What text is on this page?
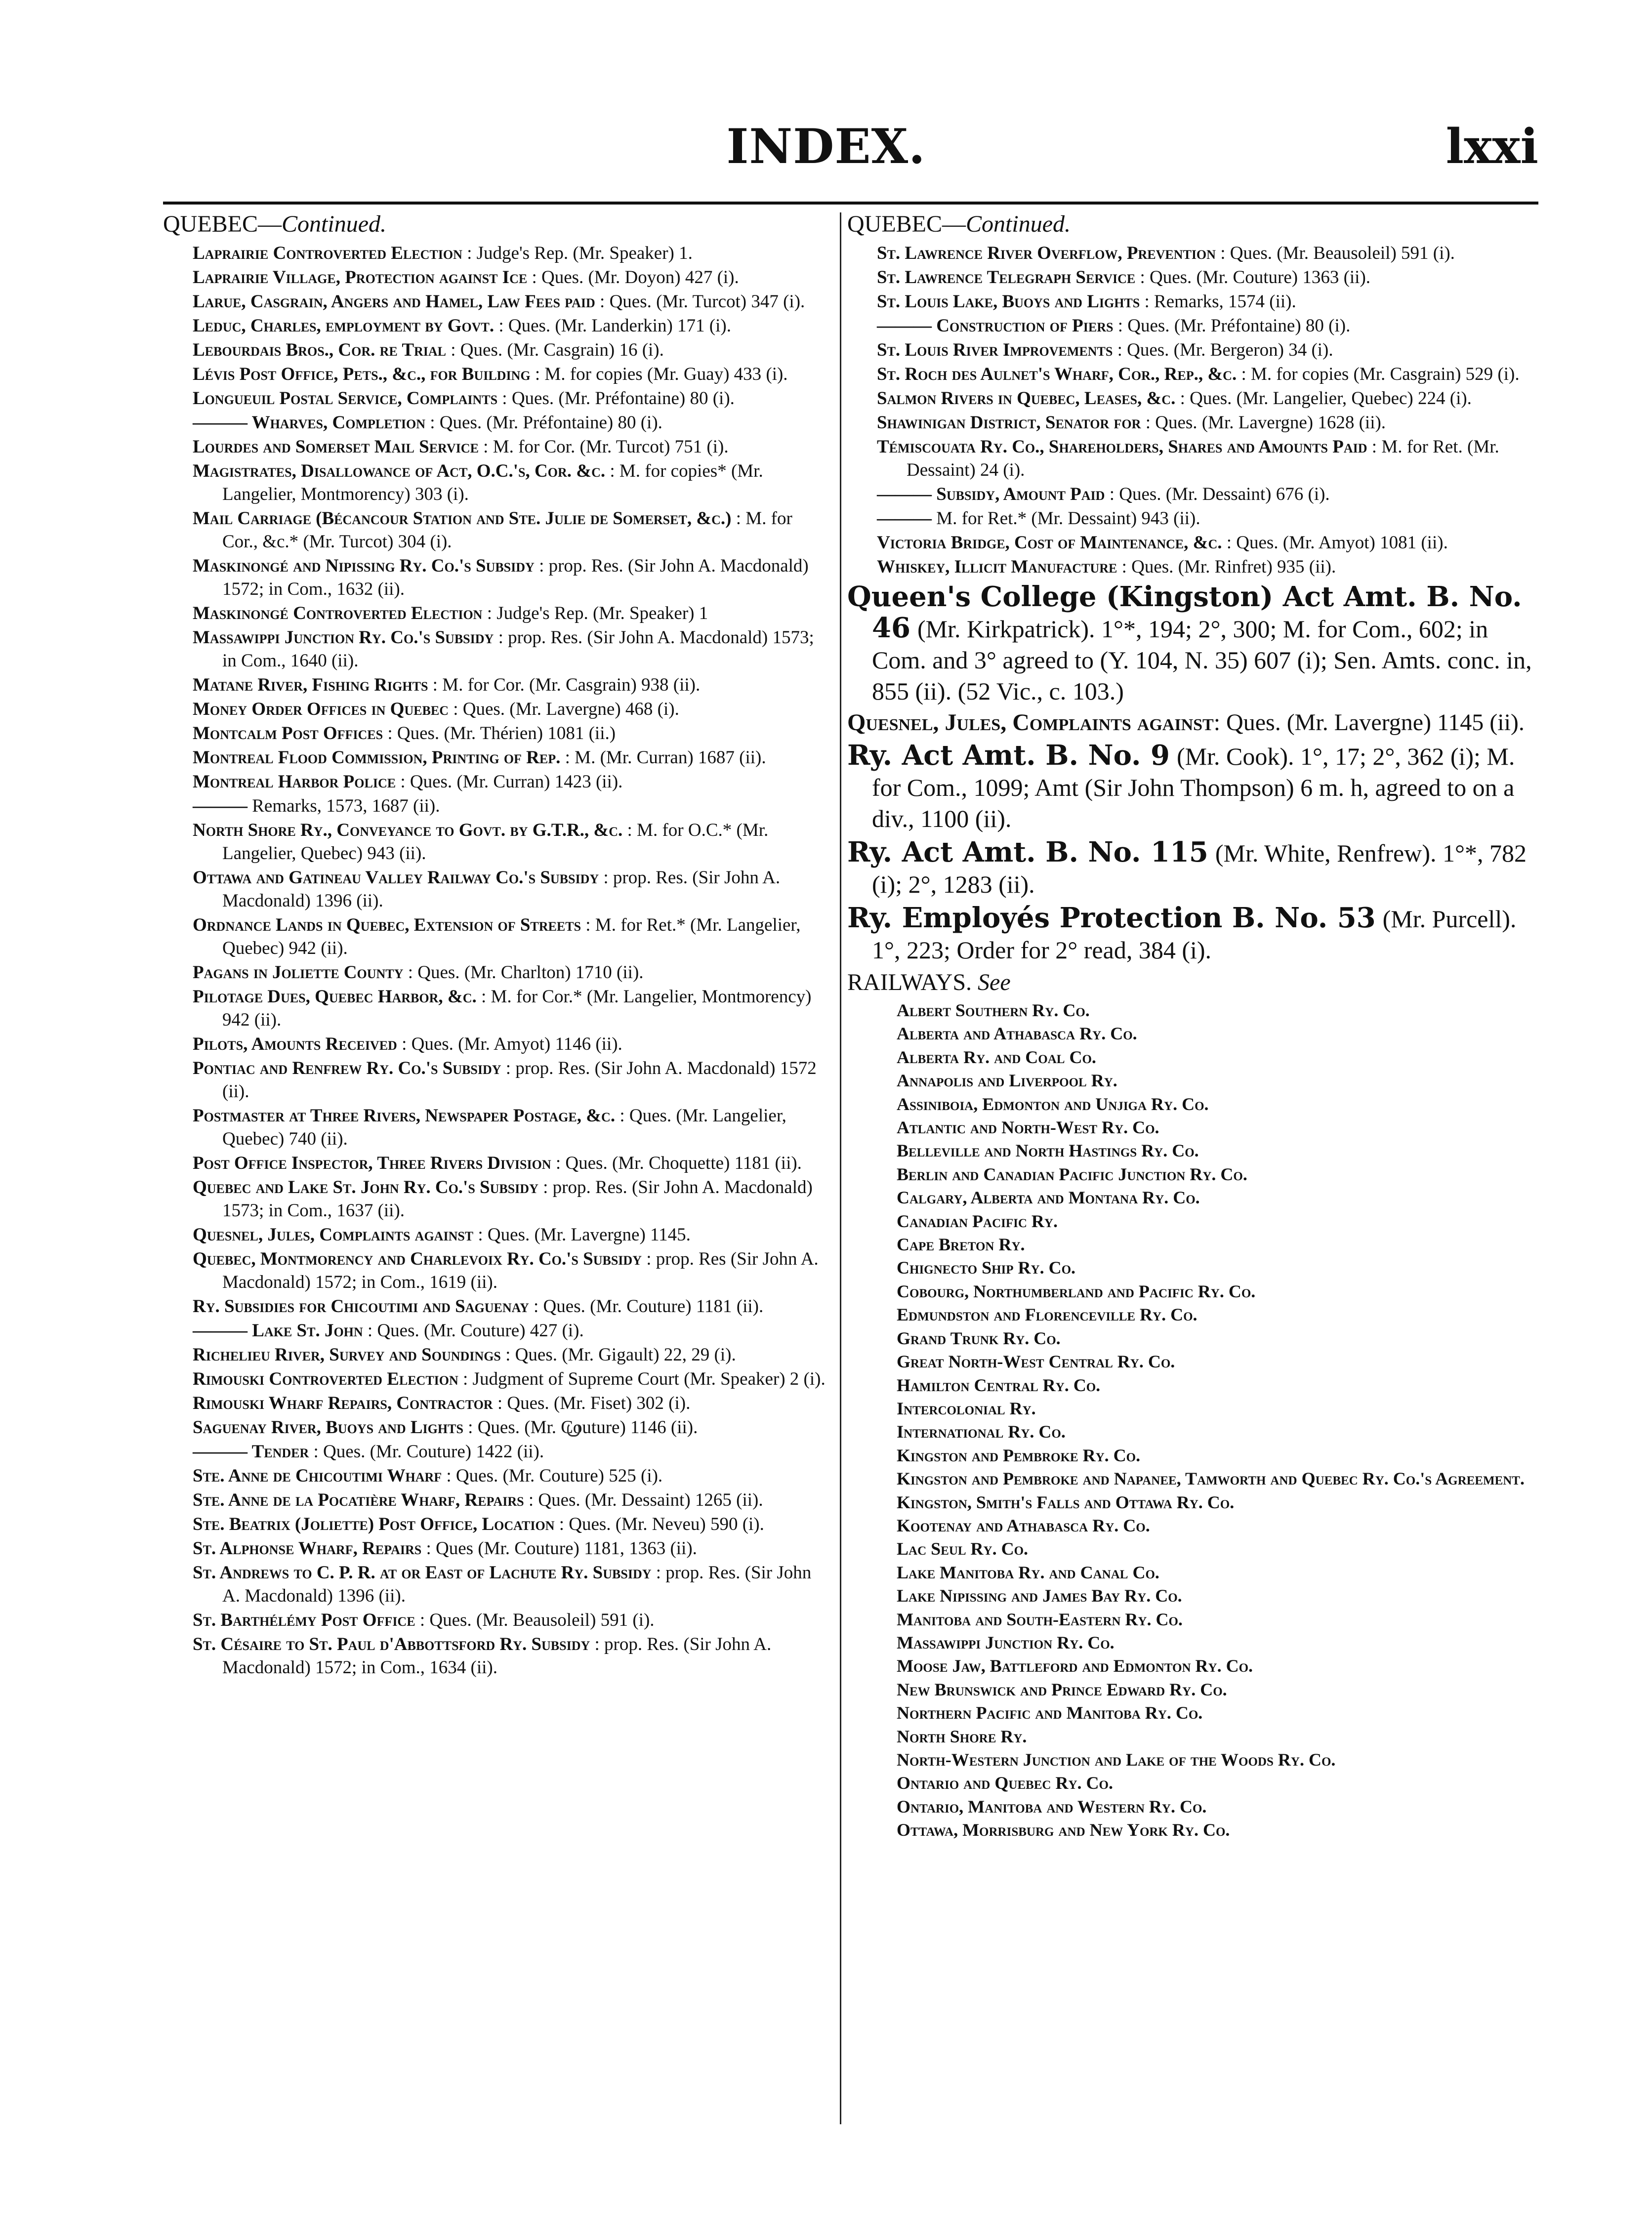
INDEX.	lxxi
QUEBEC—Continued.
Laprairie Controverted Election : Judge's Rep. (Mr. Speaker) 1.
Laprairie Village, Protection against Ice : Ques. (Mr. Doyon) 427 (i).
Larue, Casgrain, Angers and Hamel, Law Fees paid : Ques. (Mr. Turcot) 347 (i).
Leduc, Charles, employment by Govt. : Ques. (Mr. Landerkin) 171 (i).
Lebourdais Bros., Cor. re Trial : Ques. (Mr. Casgrain) 16 (i).
Lévis Post Office, Pets., &c., for Building : M. for copies (Mr. Guay) 433 (i).
Longueuil Postal Service, Complaints : Ques. (Mr. Préfontaine) 80 (i).
——— Wharves, Completion : Ques. (Mr. Préfontaine) 80 (i).
Lourdes and Somerset Mail Service : M. for Cor. (Mr. Turcot) 751 (i).
Magistrates, Disallowance of Act, O.C.'s, Cor. &c. : M. for copies* (Mr. Langelier, Montmorency) 303 (i).
Mail Carriage (Bécancour Station and Ste. Julie de Somerset, &c.) : M. for Cor., &c.* (Mr. Turcot) 304 (i).
Maskinongé and Nipissing Ry. Co.'s Subsidy : prop. Res. (Sir John A. Macdonald) 1572; in Com., 1632 (ii).
Maskinongé Controverted Election : Judge's Rep. (Mr. Speaker) 1
Massawippi Junction Ry. Co.'s Subsidy : prop. Res. (Sir John A. Macdonald) 1573; in Com., 1640 (ii).
Matane River, Fishing Rights : M. for Cor. (Mr. Casgrain) 938 (ii).
Money Order Offices in Quebec : Ques. (Mr. Lavergne) 468 (i).
Montcalm Post Offices : Ques. (Mr. Thérien) 1081 (ii.)
Montreal Flood Commission, Printing of Rep. : M. (Mr. Curran) 1687 (ii).
Montreal Harbor Police : Ques. (Mr. Curran) 1423 (ii).
——— Remarks, 1573, 1687 (ii).
North Shore Ry., Conveyance to Govt. by G.T.R., &c. : M. for O.C.* (Mr. Langelier, Quebec) 943 (ii).
Ottawa and Gatineau Valley Railway Co.'s Subsidy : prop. Res. (Sir John A. Macdonald) 1396 (ii).
Ordnance Lands in Quebec, Extension of Streets : M. for Ret.* (Mr. Langelier, Quebec) 942 (ii).
Pagans in Joliette County : Ques. (Mr. Charlton) 1710 (ii).
Pilotage Dues, Quebec Harbor, &c. : M. for Cor.* (Mr. Langelier, Montmorency) 942 (ii).
Pilots, Amounts Received : Ques. (Mr. Amyot) 1146 (ii).
Pontiac and Renfrew Ry. Co.'s Subsidy : prop. Res. (Sir John A. Macdonald) 1572 (ii).
Postmaster at Three Rivers, Newspaper Postage, &c. : Ques. (Mr. Langelier, Quebec) 740 (ii).
Post Office Inspector, Three Rivers Division : Ques. (Mr. Choquette) 1181 (ii).
Quebec and Lake St. John Ry. Co.'s Subsidy : prop. Res. (Sir John A. Macdonald) 1573; in Com., 1637 (ii).
Quesnel, Jules, Complaints against : Ques. (Mr. Lavergne) 1145.
Quebec, Montmorency and Charlevoix Ry. Co.'s Subsidy : prop. Res (Sir John A. Macdonald) 1572; in Com., 1619 (ii).
Ry. Subsidies for Chicoutimi and Saguenay : Ques. (Mr. Couture) 1181 (ii).
——— Lake St. John : Ques. (Mr. Couture) 427 (i).
Richelieu River, Survey and Soundings : Ques. (Mr. Gigault) 22, 29 (i).
Rimouski Controverted Election : Judgment of Supreme Court (Mr. Speaker) 2 (i).
Rimouski Wharf Repairs, Contractor : Ques. (Mr. Fiset) 302 (i).
Saguenay River, Buoys and Lights : Ques. (Mr. Couture) 1146 (ii).
——— Tender : Ques. (Mr. Couture) 1422 (ii).
Ste. Anne de Chicoutimi Wharf : Ques. (Mr. Couture) 525 (i).
Ste. Anne de la Pocatière Wharf, Repairs : Ques. (Mr. Dessaint) 1265 (ii).
Ste. Beatrix (Joliette) Post Office, Location : Ques. (Mr. Neveu) 590 (i).
St. Alphonse Wharf, Repairs : Ques (Mr. Couture) 1181, 1363 (ii).
St. Andrews to C. P. R. at or East of Lachute Ry. Subsidy : prop. Res. (Sir John A. Macdonald) 1396 (ii).
St. Barthélémy Post Office : Ques. (Mr. Beausoleil) 591 (i).
St. Césaire to St. Paul d'Abbottsford Ry. Subsidy : prop. Res. (Sir John A. Macdonald) 1572; in Com., 1634 (ii).
QUEBEC—Continued.
St. Lawrence River Overflow, Prevention : Ques. (Mr. Beausoleil) 591 (i).
St. Lawrence Telegraph Service : Ques. (Mr. Couture) 1363 (ii).
St. Louis Lake, Buoys and Lights : Remarks, 1574 (ii).
——— Construction of Piers : Ques. (Mr. Préfontaine) 80 (i).
St. Louis River Improvements : Ques. (Mr. Bergeron) 34 (i).
St. Roch des Aulnet's Wharf, Cor., Rep., &c. : M. for copies (Mr. Casgrain) 529 (i).
Salmon Rivers in Quebec, Leases, &c. : Ques. (Mr. Langelier, Quebec) 224 (i).
Shawinigan District, Senator for : Ques. (Mr. Lavergne) 1628 (ii).
Témiscouata Ry. Co., Shareholders, Shares and Amounts Paid : M. for Ret. (Mr. Dessaint) 24 (i).
——— Subsidy, Amount Paid : Ques. (Mr. Dessaint) 676 (i).
——— M. for Ret.* (Mr. Dessaint) 943 (ii).
Victoria Bridge, Cost of Maintenance, &c. : Ques. (Mr. Amyot) 1081 (ii).
Whiskey, Illicit Manufacture : Ques. (Mr. Rinfret) 935 (ii).
Queen's College (Kingston) Act Amt. B. No. 46 (Mr. Kirkpatrick). 1°*, 194; 2°, 300; M. for Com., 602; in Com. and 3° agreed to (Y. 104, N. 35) 607 (i); Sen. Amts. conc. in, 855 (ii). (52 Vic., c. 103.)
Quesnel, Jules, Complaints against: Ques. (Mr. Lavergne) 1145 (ii).
Ry. Act Amt. B. No. 9 (Mr. Cook). 1°, 17; 2°, 362 (i); M. for Com., 1099; Amt (Sir John Thompson) 6 m. h, agreed to on a div., 1100 (ii).
Ry. Act Amt. B. No. 115 (Mr. White, Renfrew). 1°*, 782 (i); 2°, 1283 (ii).
Ry. Employés Protection B. No. 53 (Mr. Purcell). 1°, 223; Order for 2° read, 384 (i).
RAILWAYS. See
Albert Southern Ry. Co.
Alberta and Athabasca Ry. Co.
Alberta Ry. and Coal Co.
Annapolis and Liverpool Ry.
Assiniboia, Edmonton and Unjiga Ry. Co.
Atlantic and North-West Ry. Co.
Belleville and North Hastings Ry. Co.
Berlin and Canadian Pacific Junction Ry. Co.
Calgary, Alberta and Montana Ry. Co.
Canadian Pacific Ry.
Cape Breton Ry.
Chignecto Ship Ry. Co.
Cobourg, Northumberland and Pacific Ry. Co.
Edmundston and Florenceville Ry. Co.
Grand Trunk Ry. Co.
Great North-West Central Ry. Co.
Hamilton Central Ry. Co.
Intercolonial Ry.
International Ry. Co.
Kingston and Pembroke Ry. Co.
Kingston and Pembroke and Napanee, Tamworth and Quebec Ry. Co.'s Agreement.
Kingston, Smith's Falls and Ottawa Ry. Co.
Kootenay and Athabasca Ry. Co.
Lac Seul Ry. Co.
Lake Manitoba Ry. and Canal Co.
Lake Nipissing and James Bay Ry. Co.
Manitoba and South-Eastern Ry. Co.
Massawippi Junction Ry. Co.
Moose Jaw, Battleford and Edmonton Ry. Co.
New Brunswick and Prince Edward Ry. Co.
Northern Pacific and Manitoba Ry. Co.
North Shore Ry.
North-Western Junction and Lake of the Woods Ry. Co.
Ontario and Quebec Ry. Co.
Ontario, Manitoba and Western Ry. Co.
Ottawa, Morrisburg and New York Ry. Co.
